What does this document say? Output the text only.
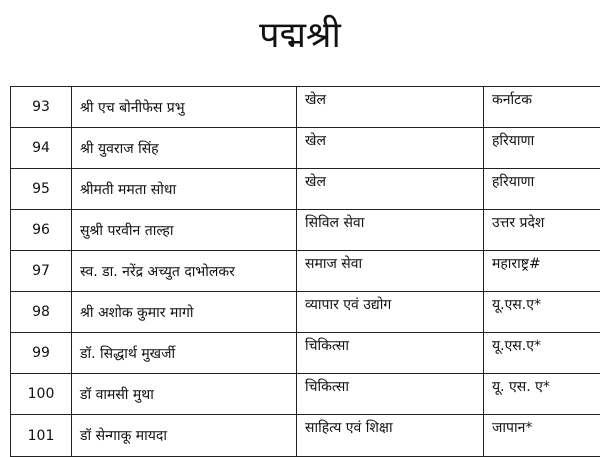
पद्मश्री
93	श्री एच बोनीफेस प्रभु	खेल	कर्नाटक
94	श्री युवराज सिंह	खेल	हरियाणा
95	श्रीमती ममता सोधा	खेल	हरियाणा
96	सुश्री परवीन ताल्हा	सिविल सेवा	उत्तर प्रदेश
97	स्व. डा. नरेंद्र अच्युत दाभोलकर	समाज सेवा	महाराष्ट्र#
98	श्री अशोक कुमार मागो	व्यापार एवं उद्योग	यू.एस.ए*
99	डॉ. सिद्धार्थ मुखर्जी	चिकित्सा	यू.एस.ए*
100	डॉ वामसी मुथा	चिकित्सा	यू. एस. ए*
101	डॉ सेन्गाकू मायदा	साहित्य एवं शिक्षा	जापान*
